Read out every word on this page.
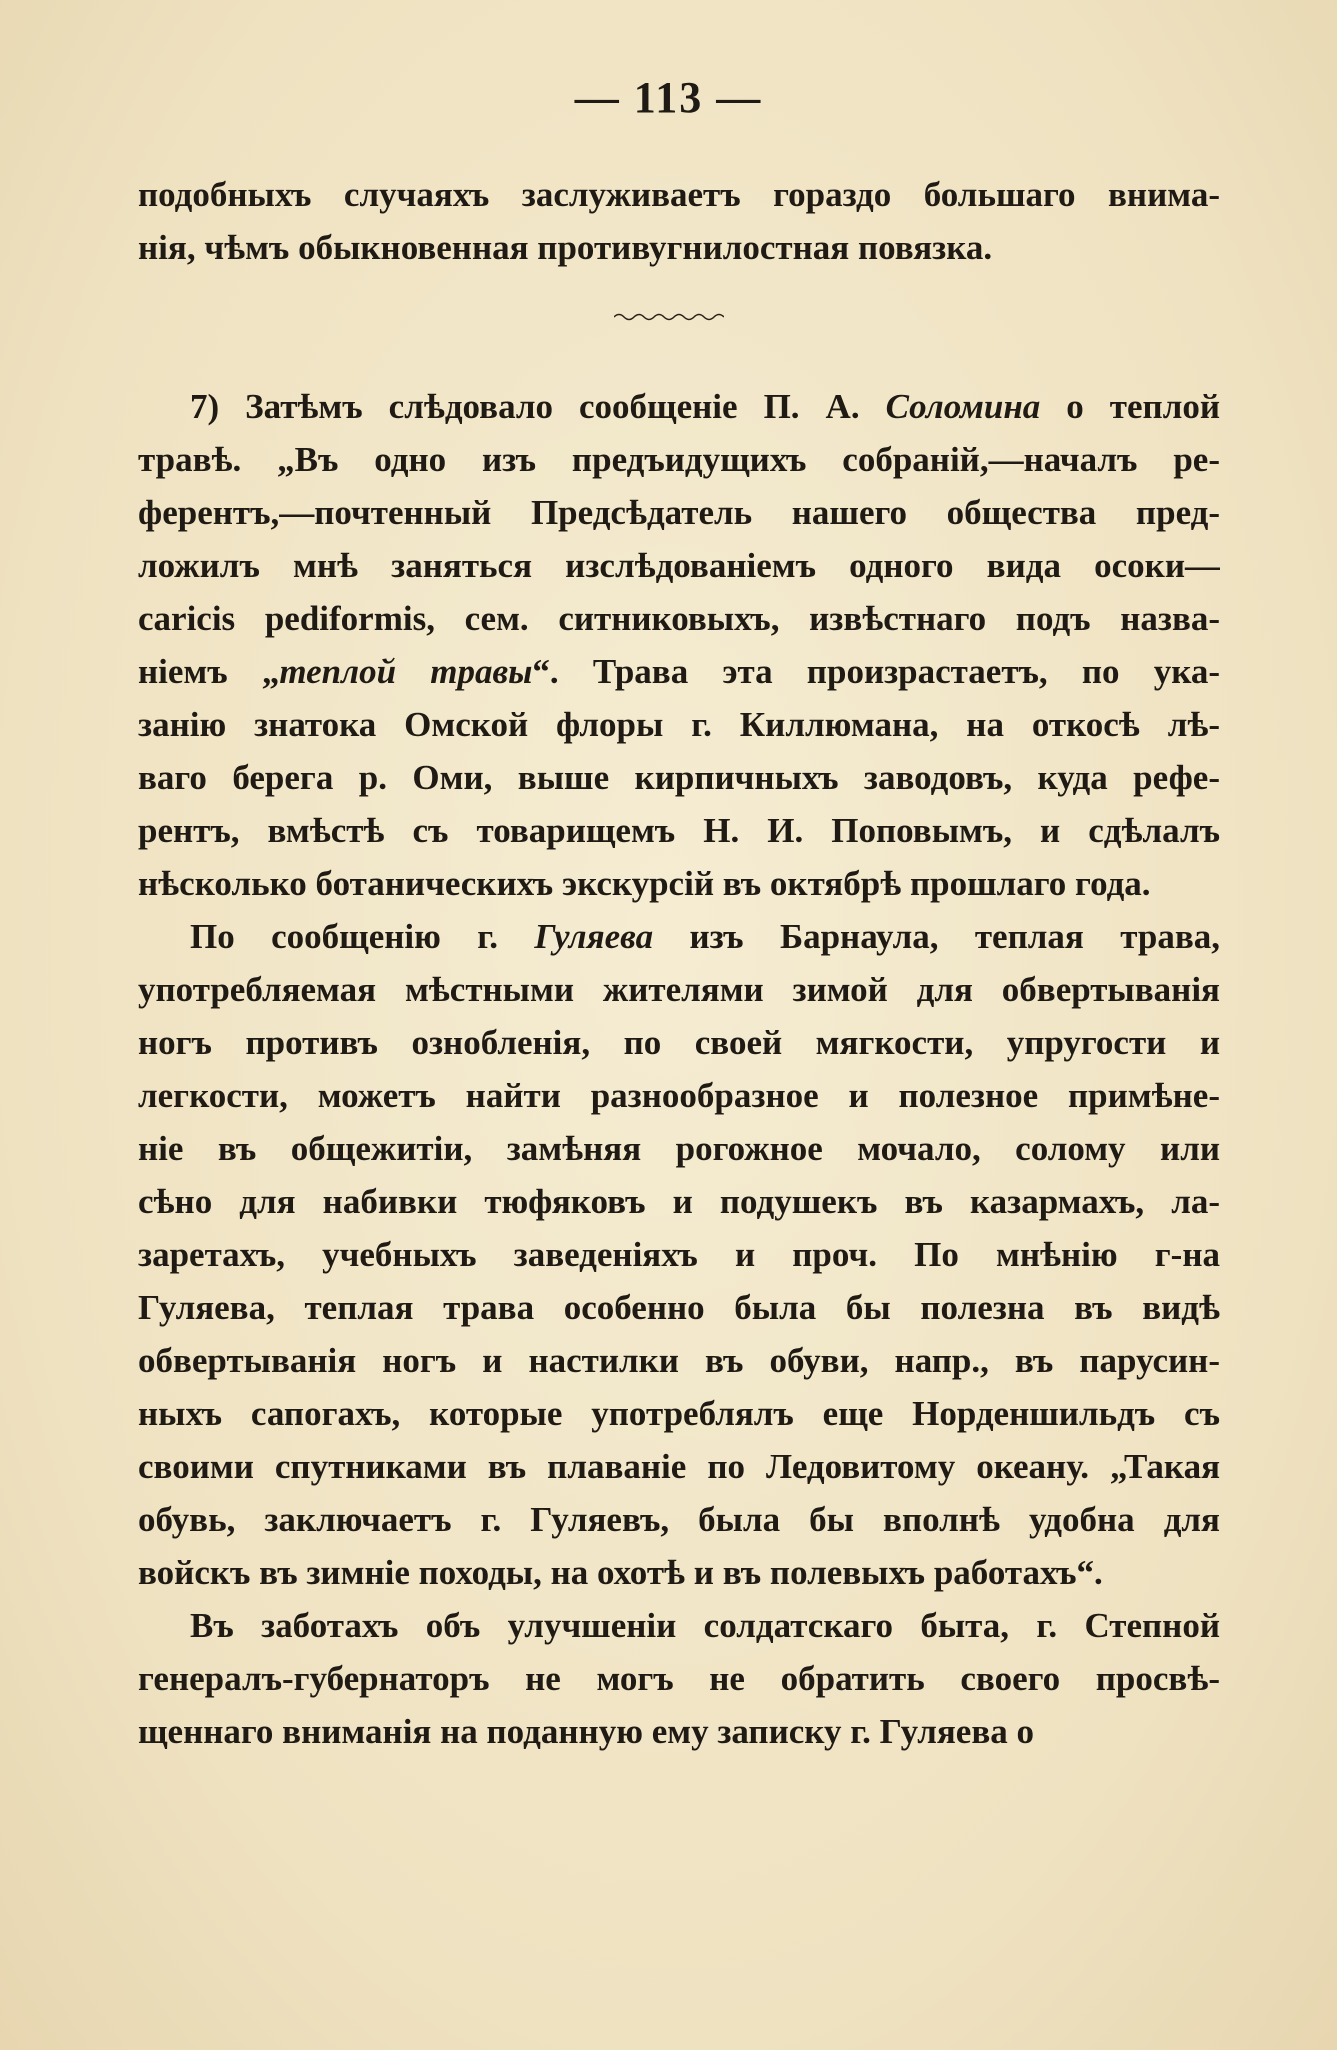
— 113 —
подобныхъ случаяхъ заслуживаетъ гораздо большаго внима-
нія, чѣмъ обыкновенная противугнилостная повязка.
7) Затѣмъ слѣдовало сообщеніе П. А. Соломина о теплой
травѣ. „Въ одно изъ предъидущихъ собраній,—началъ ре-
ферентъ,—почтенный Предсѣдатель нашего общества пред-
ложилъ мнѣ заняться изслѣдованіемъ одного вида осоки—
caricis pediformis, сем. ситниковыхъ, извѣстнаго подъ назва-
ніемъ „теплой травы“. Трава эта произрастаетъ, по ука-
занію знатока Омской флоры г. Киллюмана, на откосѣ лѣ-
ваго берега р. Оми, выше кирпичныхъ заводовъ, куда рефе-
рентъ, вмѣстѣ съ товарищемъ Н. И. Поповымъ, и сдѣлалъ
нѣсколько ботаническихъ экскурсій въ октябрѣ прошлаго года.
По сообщенію г. Гуляева изъ Барнаула, теплая трава,
употребляемая мѣстными жителями зимой для обвертыванія
ногъ противъ ознобленія, по своей мягкости, упругости и
легкости, можетъ найти разнообразное и полезное примѣне-
ніе въ общежитіи, замѣняя рогожное мочало, солому или
сѣно для набивки тюфяковъ и подушекъ въ казармахъ, ла-
заретахъ, учебныхъ заведеніяхъ и проч. По мнѣнію г-на
Гуляева, теплая трава особенно была бы полезна въ видѣ
обвертыванія ногъ и настилки въ обуви, напр., въ парусин-
ныхъ сапогахъ, которые употреблялъ еще Норденшильдъ съ
своими спутниками въ плаваніе по Ледовитому океану. „Такая
обувь, заключаетъ г. Гуляевъ, была бы вполнѣ удобна для
войскъ въ зимніе походы, на охотѣ и въ полевыхъ работахъ“.
Въ заботахъ объ улучшеніи солдатскаго быта, г. Степной
генералъ-губернаторъ не могъ не обратить своего просвѣ-
щеннаго вниманія на поданную ему записку г. Гуляева о
